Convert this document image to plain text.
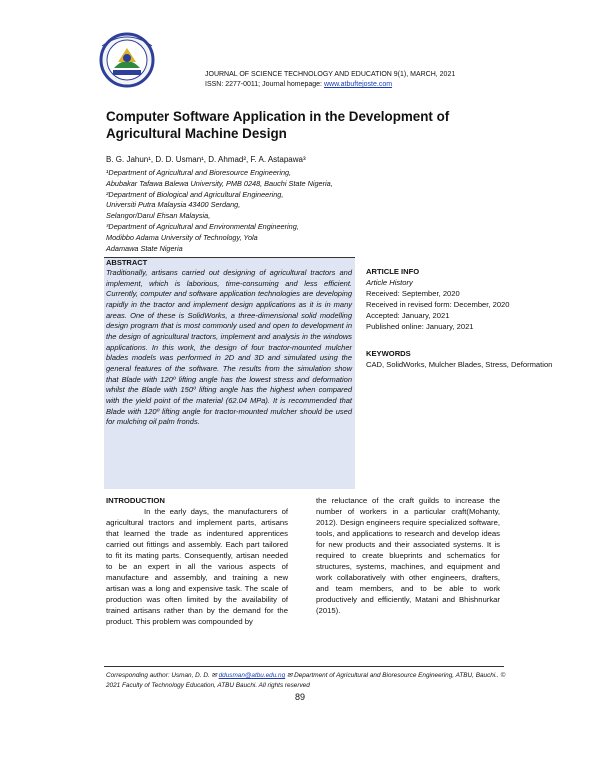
JOURNAL OF SCIENCE TECHNOLOGY AND EDUCATION 9(1), MARCH, 2021
ISSN: 2277-0011; Journal homepage: www.atbuftejoste.com
Computer Software Application in the Development of Agricultural Machine Design
B. G. Jahun¹, D. D. Usman¹, D. Ahmad², F. A. Astapawa³
¹Department of Agricultural and Bioresource Engineering,
Abubakar Tafawa Balewa University, PMB 0248, Bauchi State Nigeria,
²Department of Biological and Agricultural Engineering,
Universiti Putra Malaysia 43400 Serdang,
Selangor/Darul Ehsan Malaysia,
³Department of Agricultural and Environmental Engineering,
Modibbo Adama University of Technology, Yola
Adamawa State Nigeria
ABSTRACT
Traditionally, artisans carried out designing of agricultural tractors and implement, which is laborious, time-consuming and less efficient. Currently, computer and software application technologies are developing rapidly in the tractor and implement design applications as it is in many areas. One of these is SolidWorks, a three-dimensional solid modelling design program that is most commonly used and open to development in the design of agricultural tractors, implement and analysis in the windows applications. In this work, the design of four tractor-mounted mulcher blades models was performed in 2D and 3D and simulated using the general features of the software. The results from the simulation show that Blade with 120º lifting angle has the lowest stress and deformation whilst the Blade with 150º lifting angle has the highest when compared with the yield point of the material (62.04 MPa). It is recommended that Blade with 120º lifting angle for tractor-mounted mulcher should be used for mulching oil palm fronds.
ARTICLE INFO
Article History
Received: September, 2020
Received in revised form: December, 2020
Accepted: January, 2021
Published online: January, 2021
KEYWORDS
CAD, SolidWorks, Mulcher Blades, Stress, Deformation
INTRODUCTION
In the early days, the manufacturers of agricultural tractors and implement parts, artisans that learned the trade as indentured apprentices carried out fittings and assembly. Each part tailored to fit its mating parts. Consequently, artisan needed to be an expert in all the various aspects of manufacture and assembly, and training a new artisan was a long and expensive task. The scale of production was often limited by the availability of trained artisans rather than by the demand for the product. This problem was compounded by
the reluctance of the craft guilds to increase the number of workers in a particular craft(Mohanty, 2012). Design engineers require specialized software, tools, and applications to research and develop ideas for new products and their associated systems. It is required to create blueprints and schematics for structures, systems, machines, and equipment and work collaboratively with other engineers, drafters, and team members, and to be able to work productively and efficiently, Matani and Bhishnurkar (2015).
Corresponding author: Usman, D. D. ✉ ddusman@atbu.edu.ng ✉ Department of Agricultural and Bioresource Engineering, ATBU, Bauchi.. © 2021 Faculty of Technology Education, ATBU Bauchi. All rights reserved
89
